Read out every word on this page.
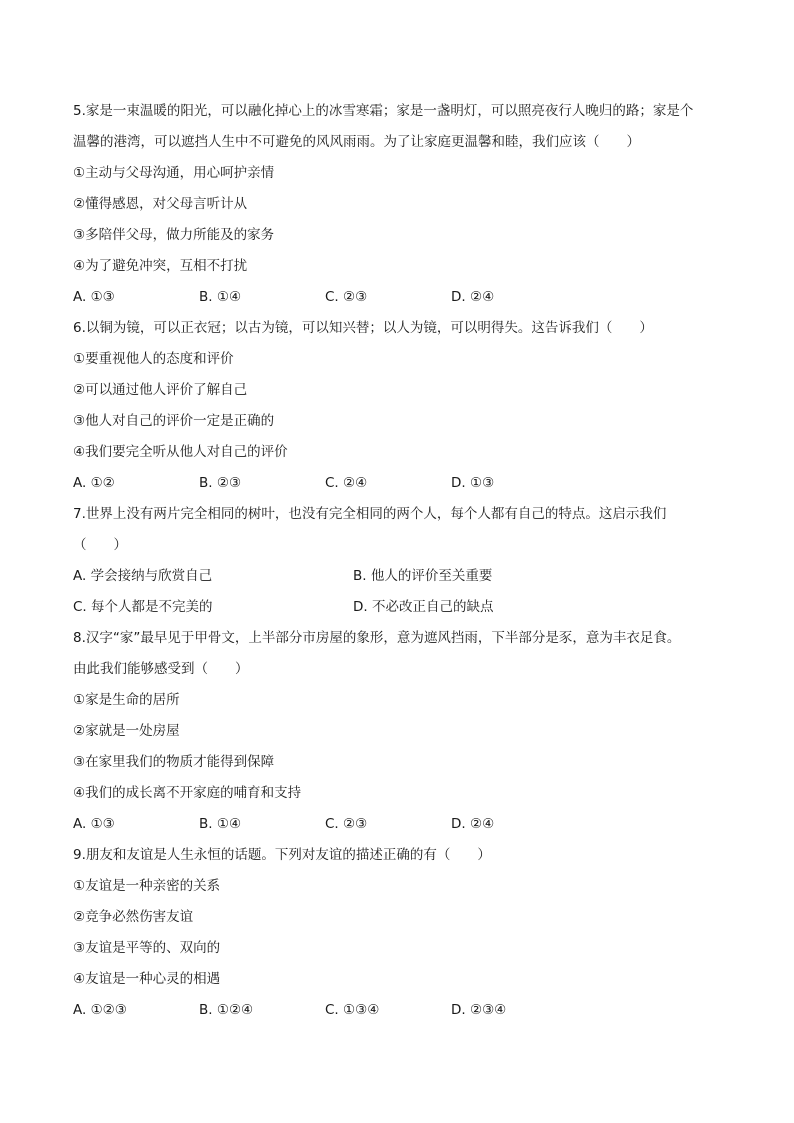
5.家是一束温暖的阳光，可以融化掉心上的冰雪寒霜；家是一盏明灯，可以照亮夜行人晚归的路；家是个
温馨的港湾，可以遮挡人生中不可避免的风风雨雨。为了让家庭更温馨和睦，我们应该（　　）
①主动与父母沟通，用心呵护亲情
②懂得感恩，对父母言听计从
③多陪伴父母，做力所能及的家务
④为了避免冲突，互相不打扰
A. ①③	B. ①④	C. ②③	D. ②④
6.以铜为镜，可以正衣冠；以古为镜，可以知兴替；以人为镜，可以明得失。这告诉我们（　　）
①要重视他人的态度和评价
②可以通过他人评价了解自己
③他人对自己的评价一定是正确的
④我们要完全听从他人对自己的评价
A. ①②	B. ②③	C. ②④	D. ①③
7.世界上没有两片完全相同的树叶，也没有完全相同的两个人，每个人都有自己的特点。这启示我们
（　　）
A. 学会接纳与欣赏自己	B. 他人的评价至关重要
C. 每个人都是不完美的	D. 不必改正自己的缺点
8.汉字“家”最早见于甲骨文，上半部分市房屋的象形，意为遮风挡雨，下半部分是豕，意为丰衣足食。
由此我们能够感受到（　　）
①家是生命的居所
②家就是一处房屋
③在家里我们的物质才能得到保障
④我们的成长离不开家庭的哺育和支持
A. ①③	B. ①④	C. ②③	D. ②④
9.朋友和友谊是人生永恒的话题。下列对友谊的描述正确的有（　　）
①友谊是一种亲密的关系
②竞争必然伤害友谊
③友谊是平等的、双向的
④友谊是一种心灵的相遇
A. ①②③	B. ①②④	C. ①③④	D. ②③④
